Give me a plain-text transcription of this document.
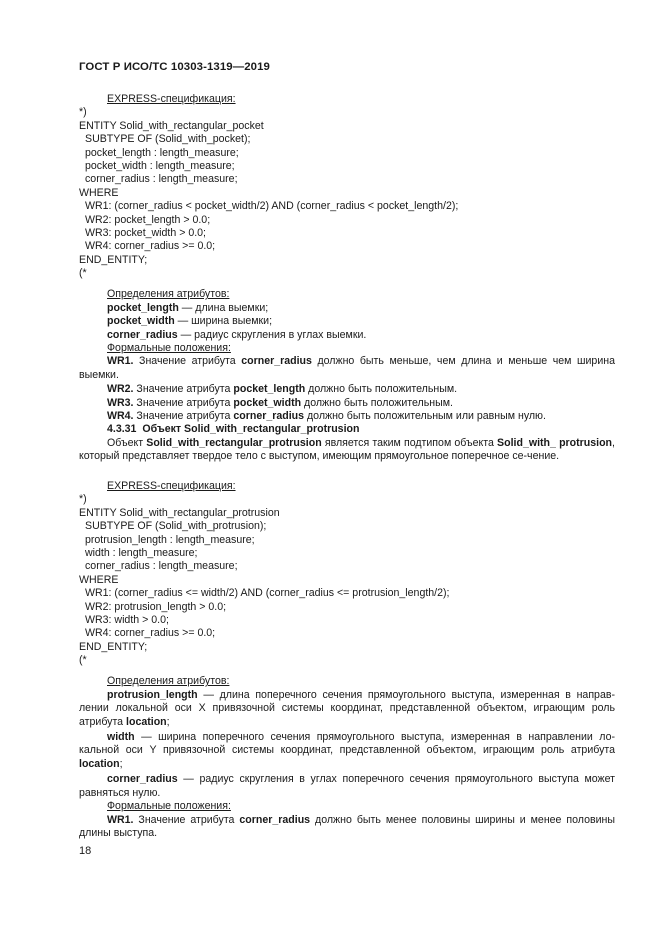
ГОСТ Р ИСО/ТС 10303-1319—2019
EXPRESS-спецификация:
*)
ENTITY Solid_with_rectangular_pocket
SUBTYPE OF (Solid_with_pocket);
pocket_length : length_measure;
pocket_width : length_measure;
corner_radius : length_measure;
WHERE
WR1: (corner_radius < pocket_width/2) AND (corner_radius < pocket_length/2);
WR2: pocket_length > 0.0;
WR3: pocket_width > 0.0;
WR4: corner_radius >= 0.0;
END_ENTITY;
(*
Определения атрибутов:
pocket_length — длина выемки;
pocket_width — ширина выемки;
corner_radius — радиус скругления в углах выемки.
Формальные положения:

WR1. Значение атрибута corner_radius должно быть меньше, чем длина и меньше чем ширина выемки.

WR2. Значение атрибута pocket_length должно быть положительным.
WR3. Значение атрибута pocket_width должно быть положительным.
WR4. Значение атрибута corner_radius должно быть положительным или равным нулю.
4.3.31 Объект Solid_with_rectangular_protrusion

Объект Solid_with_rectangular_protrusion является таким подтипом объекта Solid_with_ protrusion, который представляет твердое тело с выступом, имеющим прямоугольное поперечное се-чение.

EXPRESS-спецификация:
*)
ENTITY Solid_with_rectangular_protrusion
SUBTYPE OF (Solid_with_protrusion);
protrusion_length : length_measure;
width : length_measure;
corner_radius : length_measure;
WHERE
WR1: (corner_radius <= width/2) AND (corner_radius <= protrusion_length/2);
WR2: protrusion_length > 0.0;
WR3: width > 0.0;
WR4: corner_radius >= 0.0;
END_ENTITY;
(*
Определения атрибутов:

protrusion_length — длина поперечного сечения прямоугольного выступа, измеренная в направ-лении локальной оси X привязочной системы координат, представленной объектом, играющим роль атрибута location;

width — ширина поперечного сечения прямоугольного выступа, измеренная в направлении ло-кальной оси Y привязочной системы координат, представленной объектом, играющим роль атрибута location;

corner_radius — радиус скругления в углах поперечного сечения прямоугольного выступа может равняться нулю.

Формальные положения:

WR1. Значение атрибута corner_radius должно быть менее половины ширины и менее половины длины выступа.

18
